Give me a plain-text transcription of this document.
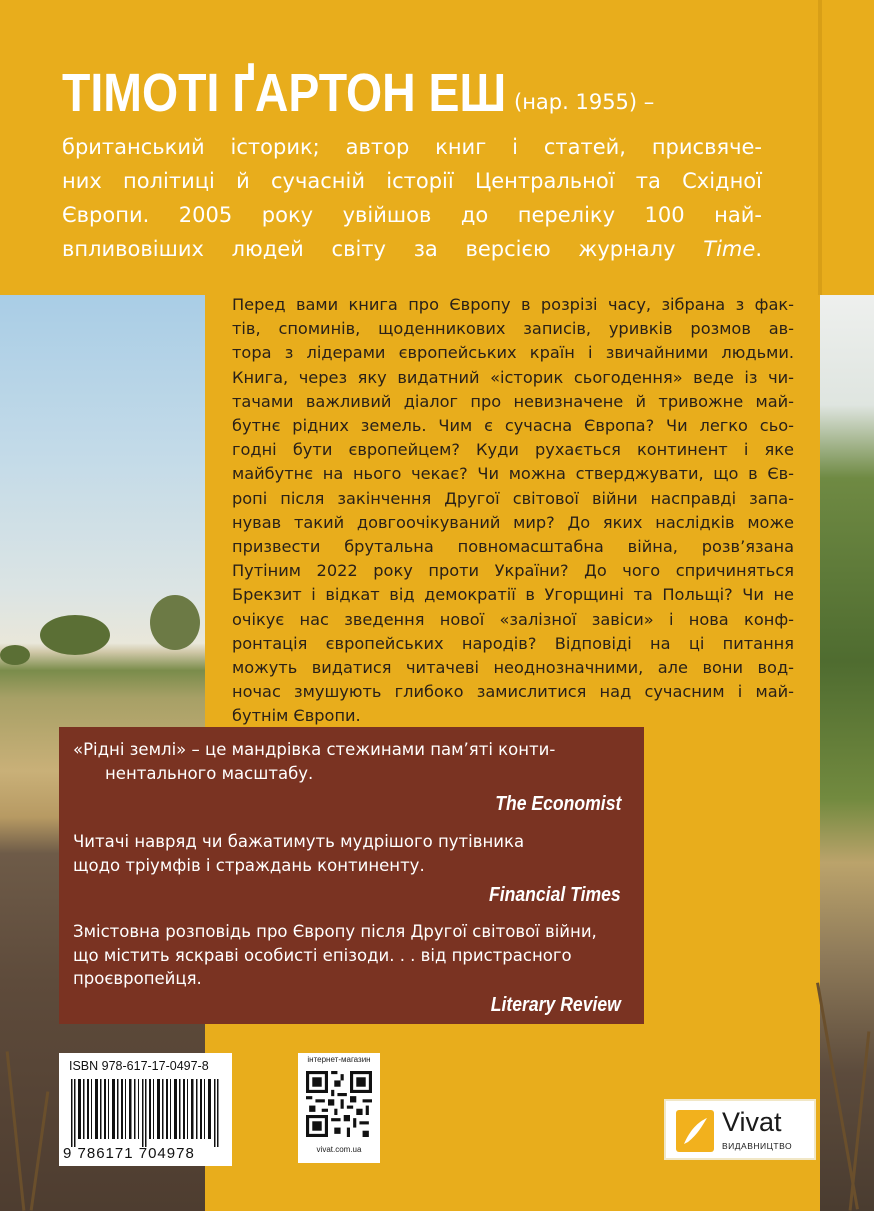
ТІМОТІ ҐАРТОН ЕШ (нар. 1955) –
британський історик; автор книг і статей, присвяче-
них політиці й сучасній історії Центральної та Східної
Європи. 2005 року увійшов до переліку 100 най-
впливовіших людей світу за версією журналу Time.
Перед вами книга про Європу в розрізі часу, зібрана з фак-
тів, споминів, щоденникових записів, уривків розмов ав-
тора з лідерами європейських країн і звичайними людьми.
Книга, через яку видатний «історик сьогодення» веде із чи-
тачами важливий діалог про невизначене й тривожне май-
бутнє рідних земель. Чим є сучасна Європа? Чи легко сьо-
годні бути європейцем? Куди рухається континент і яке
майбутнє на нього чекає? Чи можна стверджувати, що в Єв-
ропі після закінчення Другої світової війни насправді запа-
нував такий довгоочікуваний мир? До яких наслідків може
призвести брутальна повномасштабна війна, розв’язана
Путіним 2022 року проти України? До чого спричиняться
Брекзит і відкат від демократії в Угорщині та Польщі? Чи не
очікує нас зведення нової «залізної завіси» і нова конф-
ронтація європейських народів? Відповіді на ці питання
можуть видатися читачеві неоднозначними, але вони вод-
ночас змушують глибоко замислитися над сучасним і май-
бутнім Європи.
«Рідні землі» – це мандрівка стежинами пам’яті конти-
нентального масштабу.
The Economist
Читачі навряд чи бажатимуть мудрішого путівника
щодо тріумфів і страждань континенту.
Financial Times
Змістовна розповідь про Європу після Другої світової війни,
що містить яскраві особисті епізоди. . . від пристрасного
проєвропейця.
Literary Review
ISBN 978-617-17-0497-8
9 786171 704978
інтернет-магазин
vivat.com.ua
Vivat
ВИДАВНИЦТВО
